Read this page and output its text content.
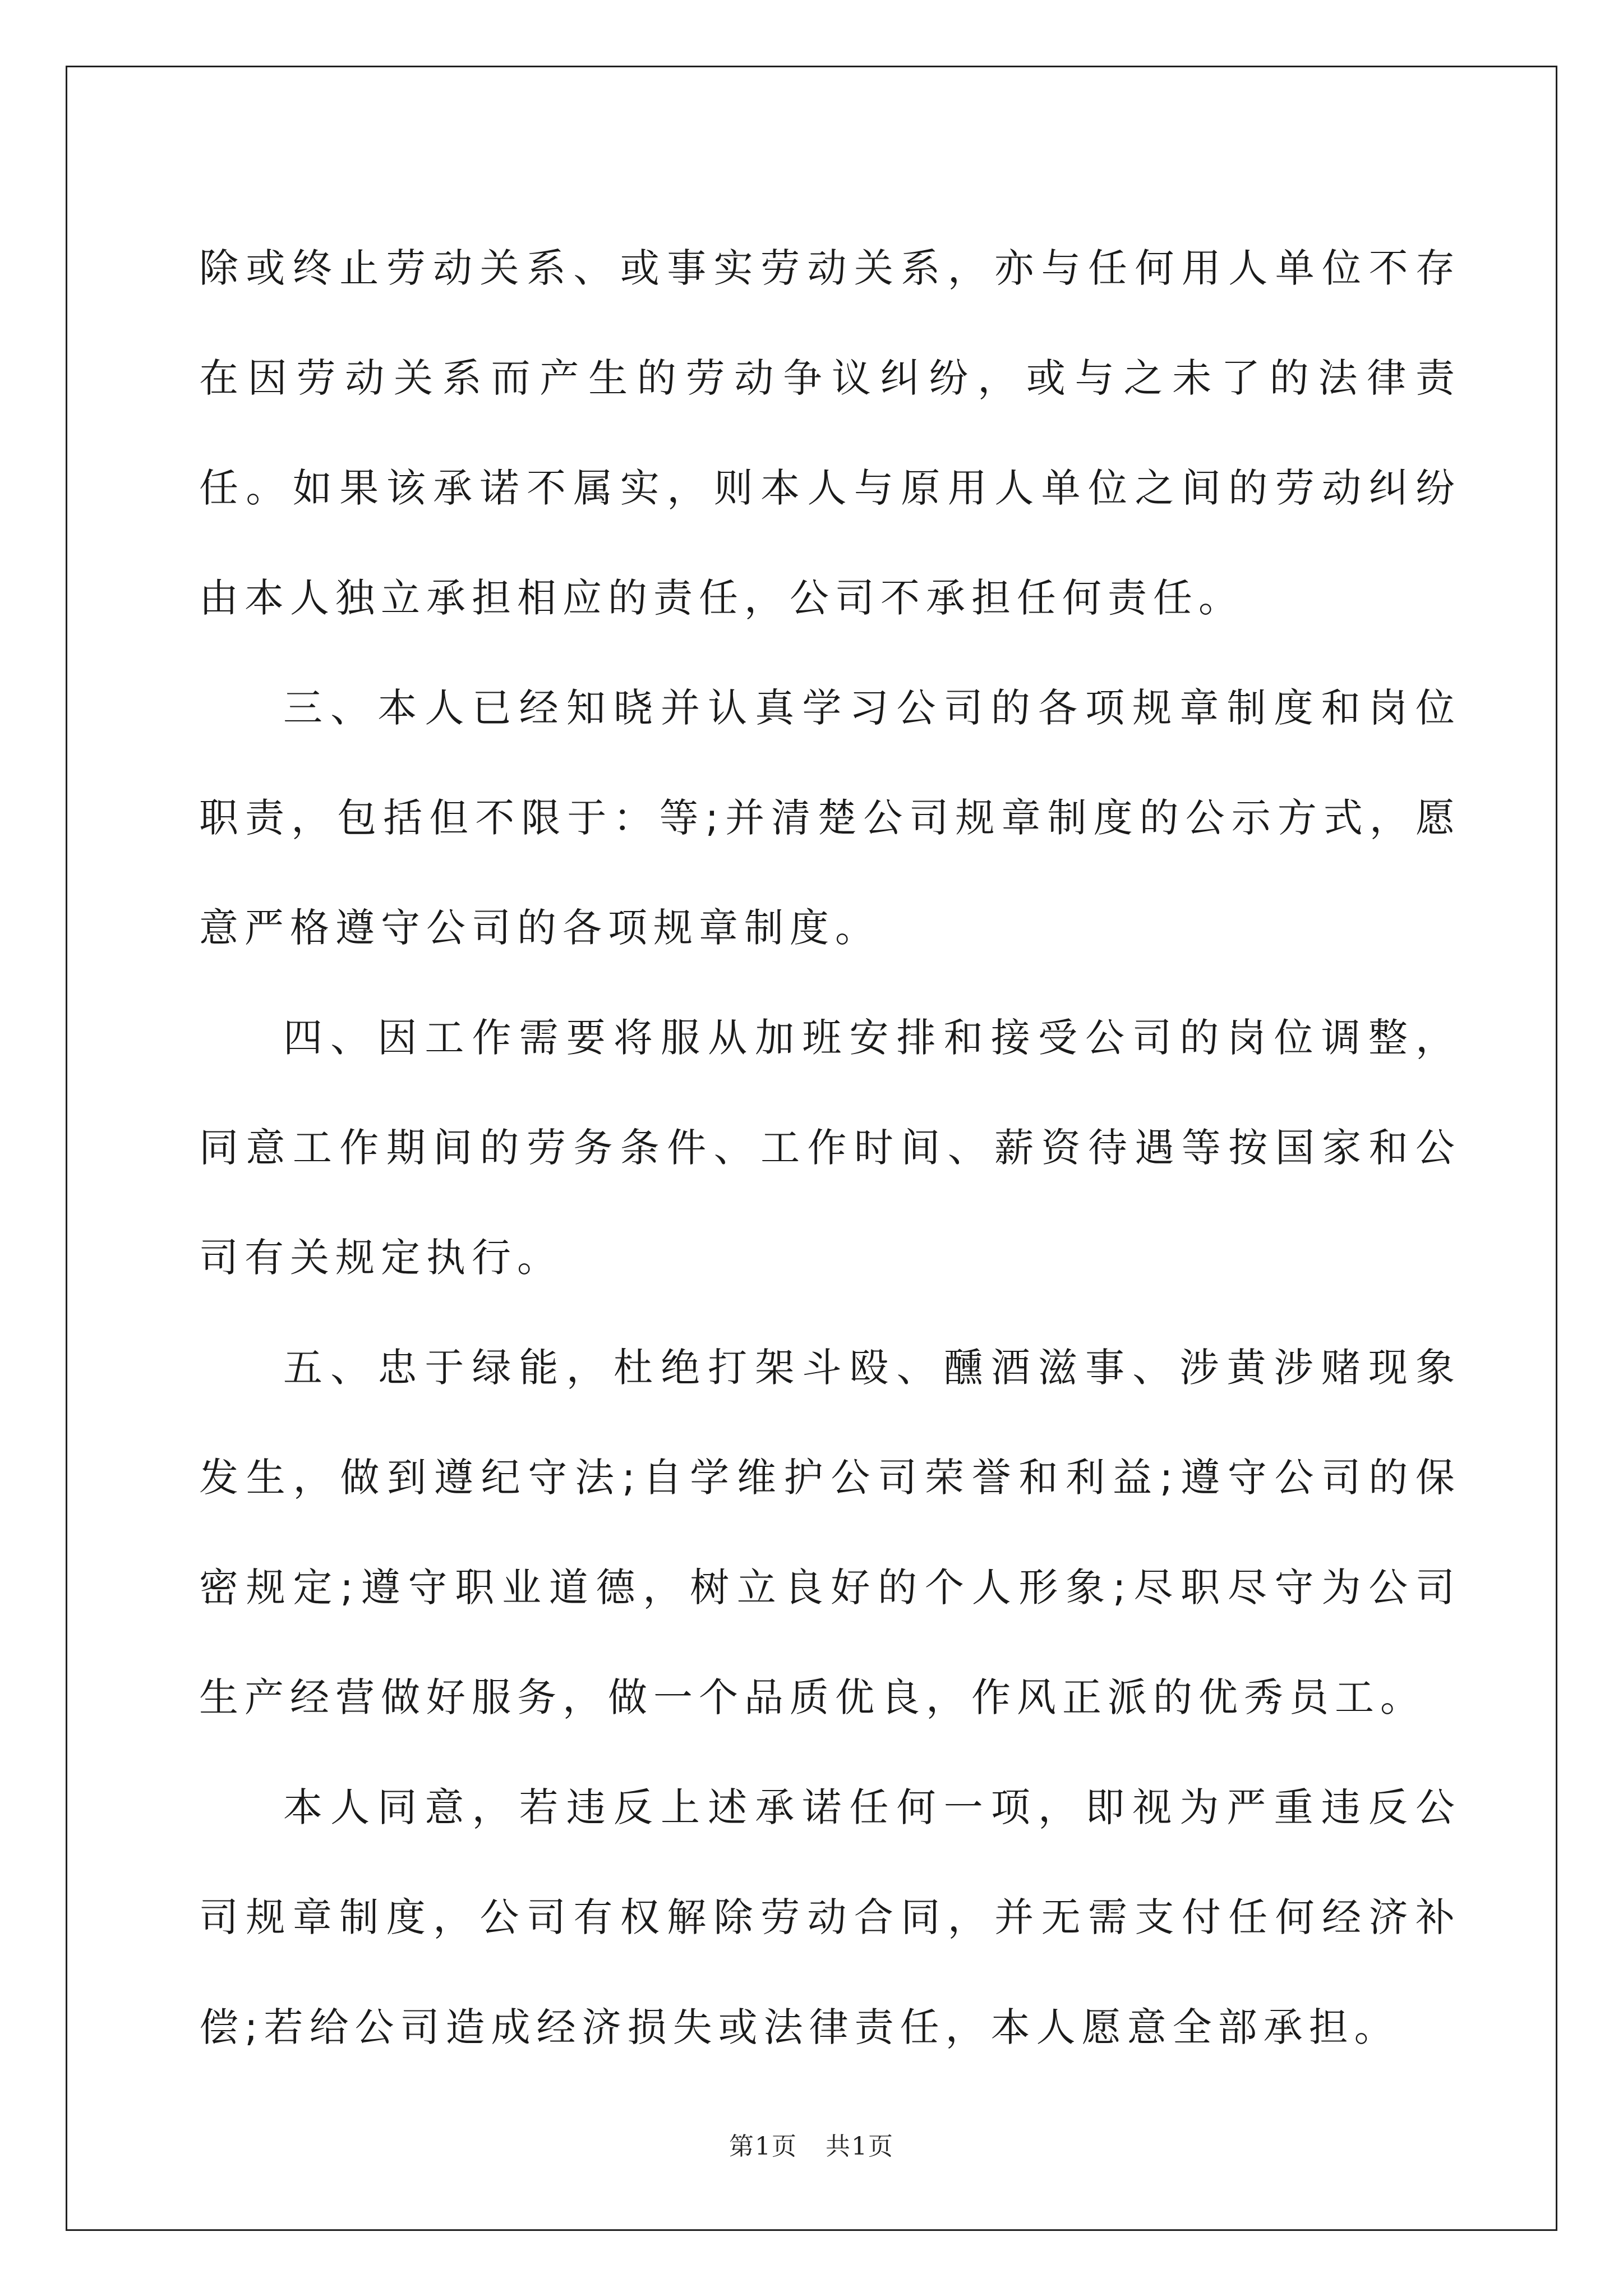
除或终止劳动关系、或事实劳动关系，亦与任何用人单位不存在因劳动关系而产生的劳动争议纠纷，或与之未了的法律责任。如果该承诺不属实，则本人与原用人单位之间的劳动纠纷由本人独立承担相应的责任，公司不承担任何责任。

三、本人已经知晓并认真学习公司的各项规章制度和岗位职责，包括但不限于：等;并清楚公司规章制度的公示方式，愿意严格遵守公司的各项规章制度。

四、因工作需要将服从加班安排和接受公司的岗位调整，同意工作期间的劳务条件、工作时间、薪资待遇等按国家和公司有关规定执行。

五、忠于绿能，杜绝打架斗殴、醺酒滋事、涉黄涉赌现象发生，做到遵纪守法;自学维护公司荣誉和利益;遵守公司的保密规定;遵守职业道德，树立良好的个人形象;尽职尽守为公司生产经营做好服务，做一个品质优良，作风正派的优秀员工。

本人同意，若违反上述承诺任何一项，即视为严重违反公司规章制度，公司有权解除劳动合同，并无需支付任何经济补偿;若给公司造成经济损失或法律责任，本人愿意全部承担。

第1页 共1页
